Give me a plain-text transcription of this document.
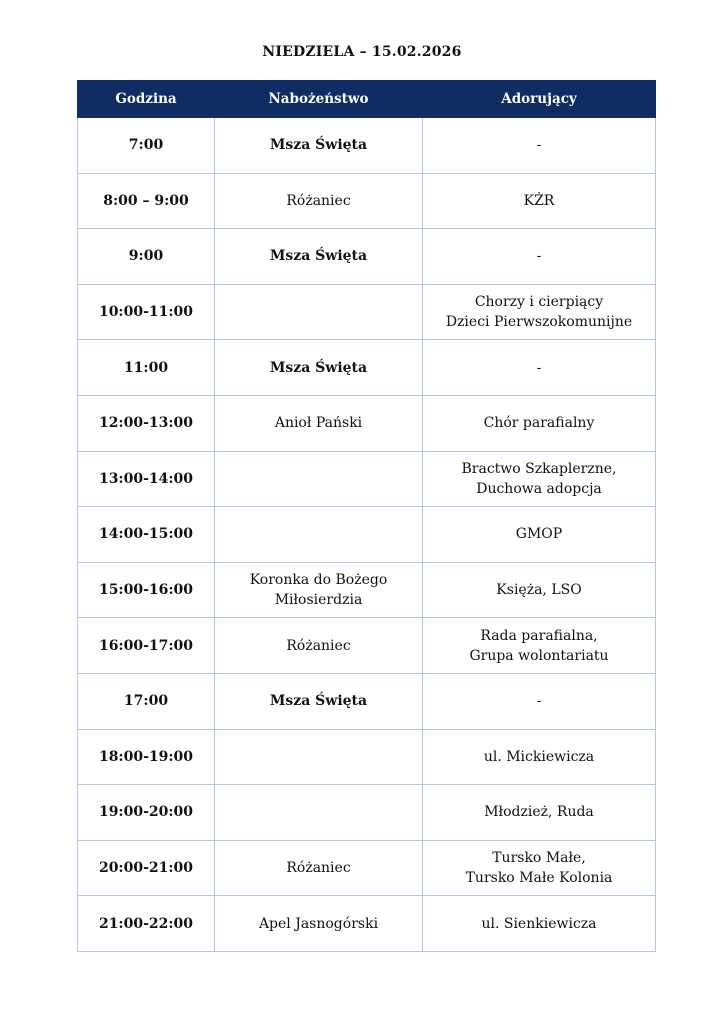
NIEDZIELA – 15.02.2026
Godzina	Nabożeństwo	Adorujący
7:00	Msza Święta	-

8:00 – 9:00	Różaniec	KŻR

9:00	Msza Święta	-

10:00-11:00		Chorzy i cierpiący
Dzieci Pierwszokomunijne

11:00	Msza Święta	-

12:00-13:00	Anioł Pański	Chór parafialny

13:00-14:00		Bractwo Szkaplerzne,
Duchowa adopcja

14:00-15:00		GMOP

15:00-16:00	Koronka do Bożego Miłosierdzia	Księża, LSO

16:00-17:00	Różaniec	Rada parafialna,
Grupa wolontariatu

17:00	Msza Święta	-

18:00-19:00		ul. Mickiewicza

19:00-20:00		Młodzież, Ruda

20:00-21:00	Różaniec	Tursko Małe,
Tursko Małe Kolonia

21:00-22:00	Apel Jasnogórski	ul. Sienkiewicza
